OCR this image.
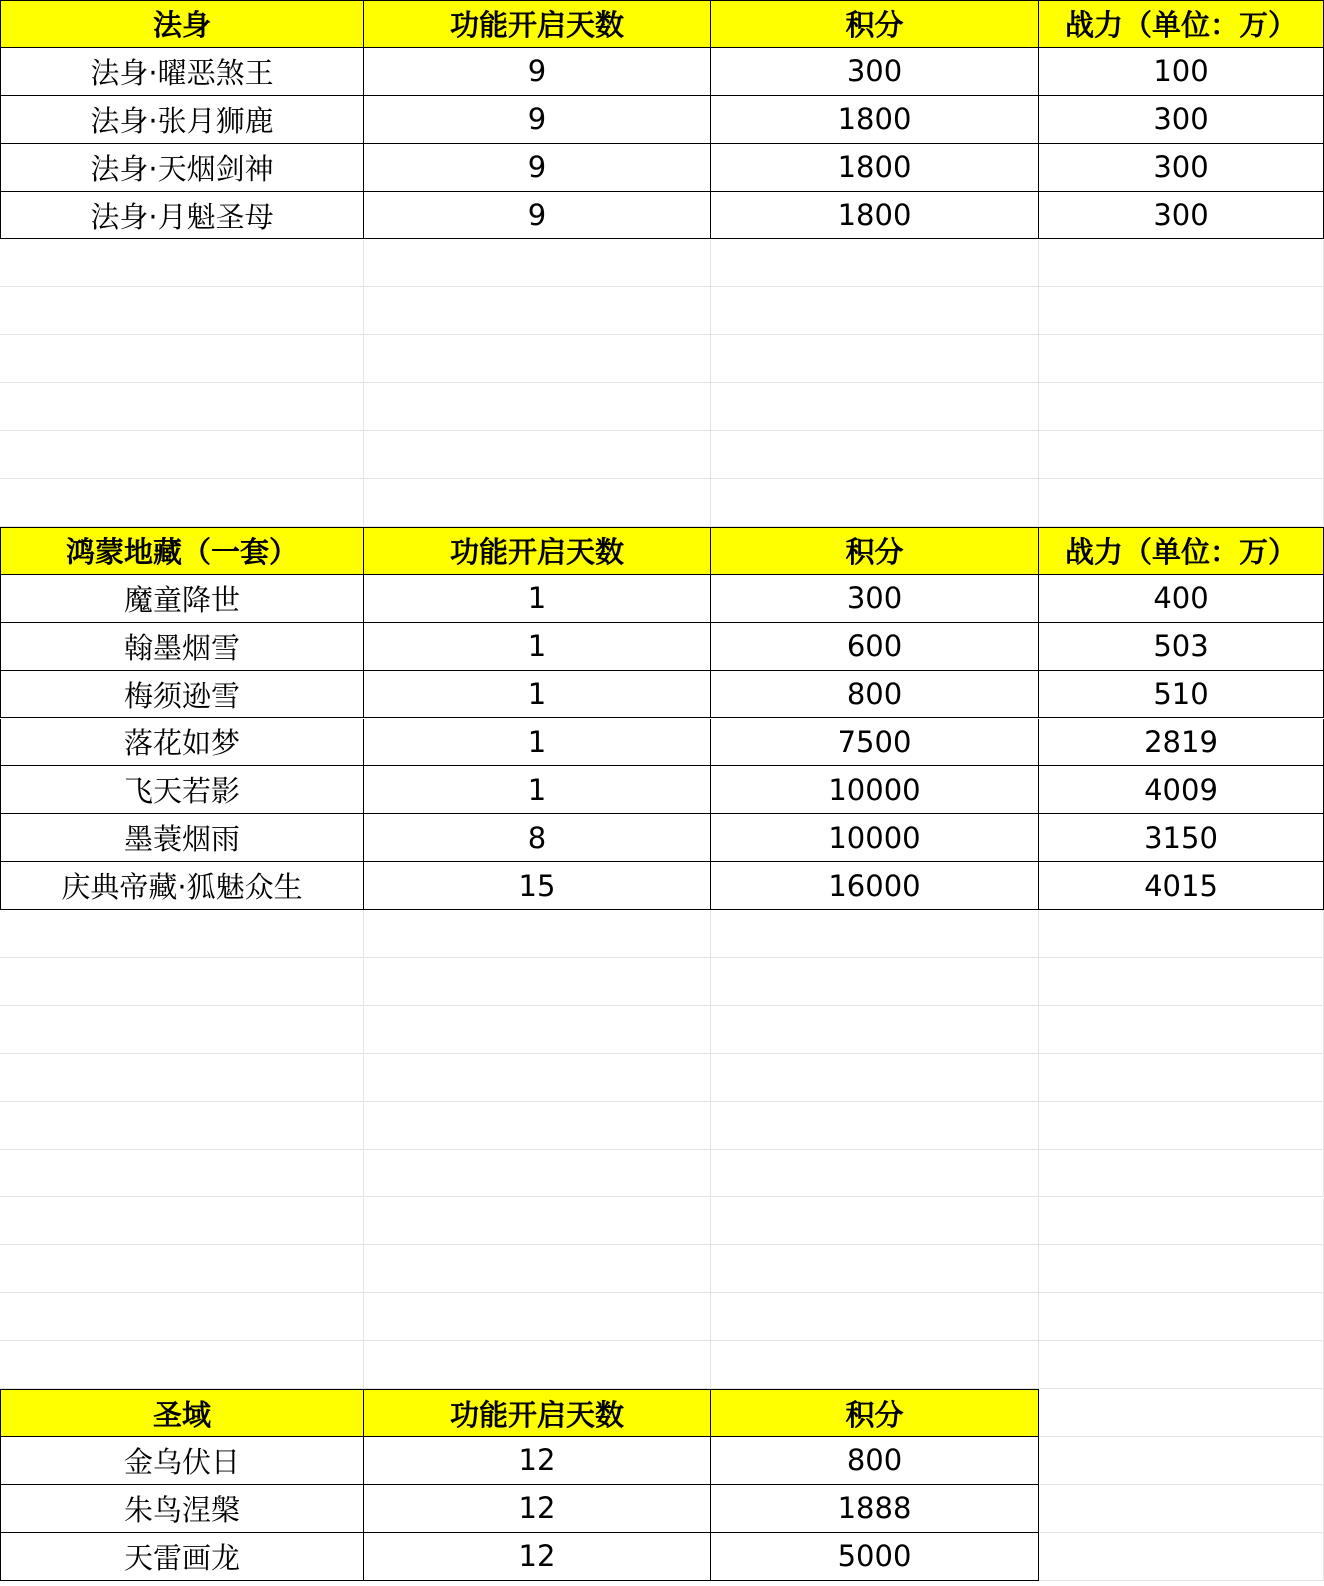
法身	功能开启天数	积分	战力（单位：万）
法身·曜恶煞王	9	300	100
法身·张月狮鹿	9	1800	300
法身·天烟剑神	9	1800	300
法身·月魁圣母	9	1800	300
鸿蒙地藏（一套）	功能开启天数	积分	战力（单位：万）
魔童降世	1	300	400
翰墨烟雪	1	600	503
梅须逊雪	1	800	510
落花如梦	1	7500	2819
飞天若影	1	10000	4009
墨蓑烟雨	8	10000	3150
庆典帝藏·狐魅众生	15	16000	4015
圣域	功能开启天数	积分
金乌伏日	12	800
朱鸟涅槃	12	1888
天雷画龙	12	5000
